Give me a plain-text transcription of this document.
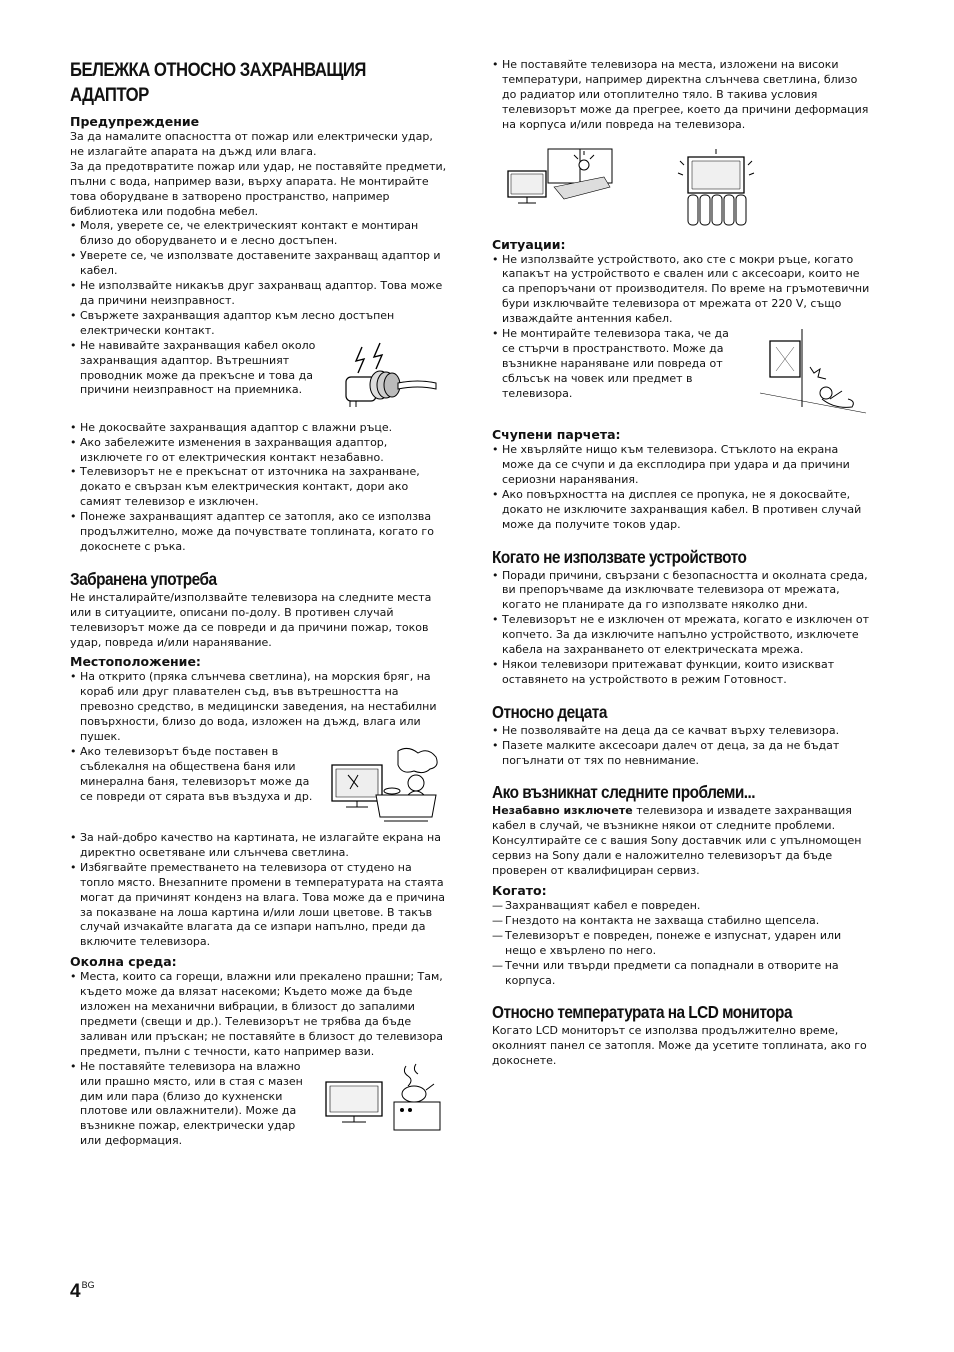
БЕЛЕЖКА ОТНОСНО ЗАХРАНВАЩИЯ
АДАПТОР
Предупреждение

За да намалите опасността от пожар или електрически удар, не излагайте апарата на дъжд или влага.

За да предотвратите пожар или удар, не поставяйте предмети, пълни с вода, например вази, върху апарата. Не монтирайте това оборудване в затворено пространство, например библиотека или подобна мебел.

• Моля, уверете се, че електрическият контакт е монтиран близо до оборудването и е лесно достъпен.
• Уверете се, че използвате доставените захранващ адаптор и кабел.
• Не използвайте никакъв друг захранващ адаптор. Това може да причини неизправност.
• Свържете захранващия адаптор към лесно достъпен електрически контакт.
• Не навивайте захранващия кабел около захранващия адаптор. Вътрешният проводник може да прекъсне и това да причини неизправност на приемника.
• Не докосвайте захранващия адаптор с влажни ръце.
• Ако забележите изменения в захранващия адаптор, изключете го от електрическия контакт незабавно.
• Телевизорът не е прекъснат от източника на захранване, докато е свързан към електрическия контакт, дори ако самият телевизор е изключен.
• Понеже захранващият адаптер се затопля, ако се използва продължително, може да почувствате топлината, когато го докоснете с ръка.
Забранена употреба

Не инсталирайте/използвайте телевизора на следните места или в ситуациите, описани по-долу. В противен случай телевизорът може да се повреди и да причини пожар, токов удар, повреда и/или наранявание.

Местоположение:
• На открито (пряка слънчева светлина), на морския бряг, на кораб или друг плавателен съд, във вътрешността на превозно средство, в медицински заведения, на нестабилни повърхности, близо до вода, изложен на дъжд, влага или пушек.
• Ако телевизорът бъде поставен в съблекалня на обществена баня или минерална баня, телевизорът може да се повреди от сярата във въздуха и др.
• За най-добро качество на картината, не излагайте екрана на директно осветяване или слънчева светлина.
• Избягвайте преместването на телевизора от студено на топло място. Внезапните промени в температурата на стаята могат да причинят конденз на влага. Това може да е причина за показване на лоша картина и/или лоши цветове. В такъв случай изчакайте влагата да се изпари напълно, преди да включите телевизора.
Околна среда:
• Места, които са горещи, влажни или прекалено прашни; Там, където може да влязат насекоми; Където може да бъде изложен на механични вибрации, в близост до запалими предмети (свещи и др.). Телевизорът не трябва да бъде заливан или пръскан; не поставяйте в близост до телевизора предмети, пълни с течности, като например вази.
• Не поставяйте телевизора на влажно или прашно място, или в стая с мазен дим или пара (близо до кухненски плотове или овлажнители). Може да възникне пожар, електрически удар или деформация.
• Не поставяйте телевизора на места, изложени на високи температури, например директна слънчева светлина, близо до радиатор или отоплително тяло. В такива условия телевизорът може да прегрее, което да причини деформация на корпуса и/или повреда на телевизора.
Ситуации:
• Не използвайте устройството, ако сте с мокри ръце, когато капакът на устройството е свален или с аксесоари, които не са препоръчани от производителя. По време на гръмотевични бури изключвайте телевизора от мрежата от 220 V, също изваждайте антенния кабел.
• Не монтирайте телевизора така, че да се стърчи в пространството. Може да възникне нараняване или повреда от сблъсък на човек или предмет в телевизора.
Счупени парчета:
• Не хвърляйте нищо към телевизора. Стъклото на екрана може да се счупи и да експлодира при удара и да причини сериозни наранявания.
• Ако повърхността на дисплея се пропука, не я докосвайте, докато не изключите захранващия кабел. В противен случай може да получите токов удар.
Когато не използвате устройството
• Поради причини, свързани с безопасността и околната среда, ви препоръчваме да изключвате телевизора от мрежата, когато не планирате да го използвате няколко дни.
• Телевизорът не е изключен от мрежата, когато е изключен от копчето. За да изключите напълно устройството, изключете кабела на захранването от електрическата мрежа.
• Някои телевизори притежават функции, които изискват оставянето на устройството в режим Готовност.
Относно децата
• Не позволявайте на деца да се качват върху телевизора.
• Пазете малките аксесоари далеч от деца, за да не бъдат погълнати от тях по невнимание.
Ако възникнат следните проблеми...

Незабавно изключете телевизора и извадете захранващия кабел в случай, че възникне някои от следните проблеми. Консултирайте се с вашия Sony доставчик или с упълномощен сервиз на Sony дали е наложително телевизорът да бъде проверен от квалифициран сервиз.

Когато:
— Захранващият кабел е повреден.
— Гнездото на контакта не захваща стабилно щепсела.
— Телевизорът е повреден, понеже е изпуснат, ударен или нещо е хвърлено по него.
— Течни или твърди предмети са попаднали в отворите на корпуса.
Относно температурата на LCD монитора

Когато LCD мониторът се използва продължително време, околният панел се затопля. Може да усетите топлината, ако го докоснете.

$4^{BG}$
